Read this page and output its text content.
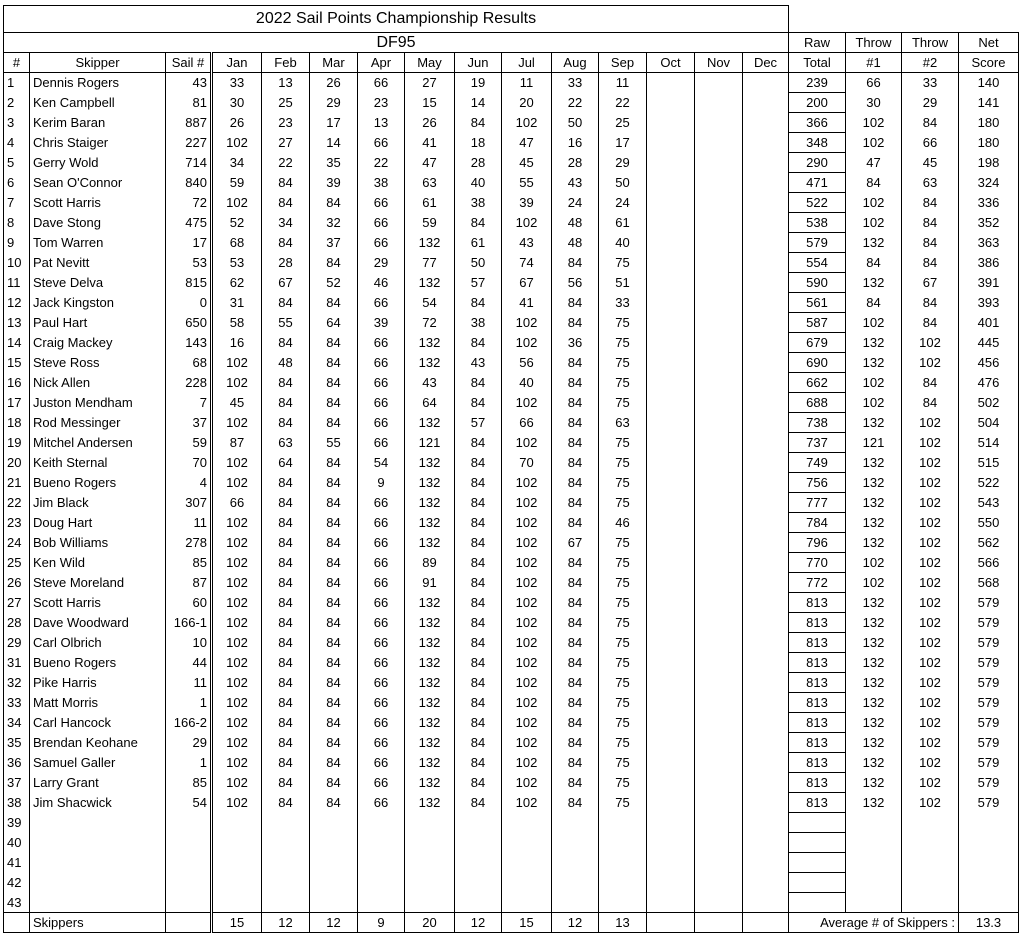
2022 Sail Points Championship Results																		
DF95															Raw	Throw	Throw	Net
#	Skipper	Sail #	Jan	Feb	Mar	Apr	May	Jun	Jul	Aug	Sep	Oct	Nov	Dec	Total	#1	#2	Score
1	Dennis Rogers	43	33	13	26	66	27	19	11	33	11				239	66	33	140
2	Ken Campbell	81	30	25	29	23	15	14	20	22	22				200	30	29	141
3	Kerim Baran	887	26	23	17	13	26	84	102	50	25				366	102	84	180
4	Chris Staiger	227	102	27	14	66	41	18	47	16	17				348	102	66	180
5	Gerry Wold	714	34	22	35	22	47	28	45	28	29				290	47	45	198
6	Sean O'Connor	840	59	84	39	38	63	40	55	43	50				471	84	63	324
7	Scott Harris	72	102	84	84	66	61	38	39	24	24				522	102	84	336
8	Dave Stong	475	52	34	32	66	59	84	102	48	61				538	102	84	352
9	Tom Warren	17	68	84	37	66	132	61	43	48	40				579	132	84	363
10	Pat Nevitt	53	53	28	84	29	77	50	74	84	75				554	84	84	386
11	Steve Delva	815	62	67	52	46	132	57	67	56	51				590	132	67	391
12	Jack Kingston	0	31	84	84	66	54	84	41	84	33				561	84	84	393
13	Paul Hart	650	58	55	64	39	72	38	102	84	75				587	102	84	401
14	Craig Mackey	143	16	84	84	66	132	84	102	36	75				679	132	102	445
15	Steve Ross	68	102	48	84	66	132	43	56	84	75				690	132	102	456
16	Nick Allen	228	102	84	84	66	43	84	40	84	75				662	102	84	476
17	Juston Mendham	7	45	84	84	66	64	84	102	84	75				688	102	84	502
18	Rod Messinger	37	102	84	84	66	132	57	66	84	63				738	132	102	504
19	Mitchel Andersen	59	87	63	55	66	121	84	102	84	75				737	121	102	514
20	Keith Sternal	70	102	64	84	54	132	84	70	84	75				749	132	102	515
21	Bueno Rogers	4	102	84	84	9	132	84	102	84	75				756	132	102	522
22	Jim Black	307	66	84	84	66	132	84	102	84	75				777	132	102	543
23	Doug Hart	11	102	84	84	66	132	84	102	84	46				784	132	102	550
24	Bob Williams	278	102	84	84	66	132	84	102	67	75				796	132	102	562
25	Ken Wild	85	102	84	84	66	89	84	102	84	75				770	102	102	566
26	Steve Moreland	87	102	84	84	66	91	84	102	84	75				772	102	102	568
27	Scott Harris	60	102	84	84	66	132	84	102	84	75				813	132	102	579
28	Dave Woodward	166-1	102	84	84	66	132	84	102	84	75				813	132	102	579
29	Carl Olbrich	10	102	84	84	66	132	84	102	84	75				813	132	102	579
31	Bueno Rogers	44	102	84	84	66	132	84	102	84	75				813	132	102	579
32	Pike Harris	11	102	84	84	66	132	84	102	84	75				813	132	102	579
33	Matt Morris	1	102	84	84	66	132	84	102	84	75				813	132	102	579
34	Carl Hancock	166-2	102	84	84	66	132	84	102	84	75				813	132	102	579
35	Brendan Keohane	29	102	84	84	66	132	84	102	84	75				813	132	102	579
36	Samuel Galler	1	102	84	84	66	132	84	102	84	75				813	132	102	579
37	Larry Grant	85	102	84	84	66	132	84	102	84	75				813	132	102	579
38	Jim Shacwick	54	102	84	84	66	132	84	102	84	75				813	132	102	579
39																		
40																		
41																		
42																		
43																		
	Skippers		15	12	12	9	20	12	15	12	13				Average # of Skippers :			13.3
